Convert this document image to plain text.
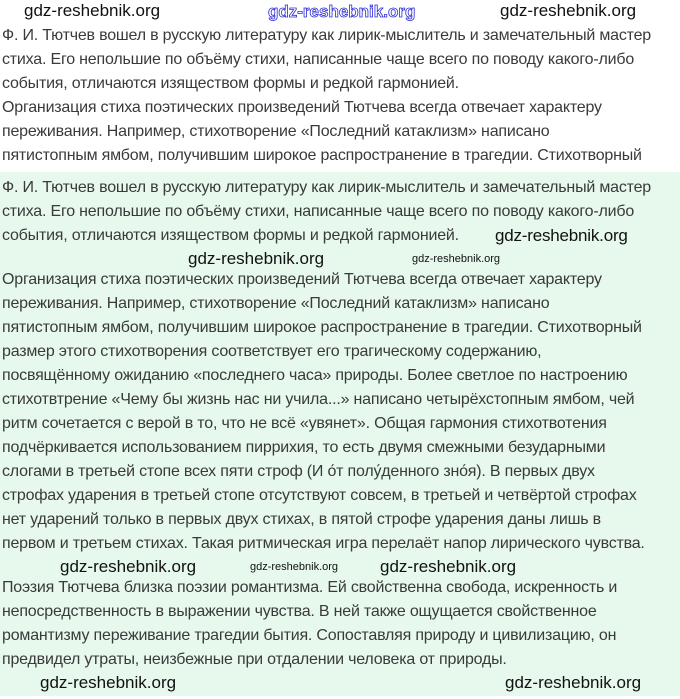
gdz-reshebnik.org	gdz-reshebnik.org	gdz-reshebnik.org
Ф. И. Тютчев вошел в русскую литературу как лирик-мыслитель и замечательный мастер
стиха. Его непольшие по объёму стихи, написанные чаще всего по поводу какого-либо
события, отличаются изяществом формы и редкой гармонией.
Организация стиха поэтических произведений Тютчева всегда отвечает характеру
переживания. Например, стихотворение «Последний катаклизм» написано
пятистопным ямбом, получившим широкое распространение в трагедии. Стихотворный
Ф. И. Тютчев вошел в русскую литературу как лирик-мыслитель и замечательный мастер
стиха. Его непольшие по объёму стихи, написанные чаще всего по поводу какого-либо
события, отличаются изяществом формы и редкой гармонией. gdz-reshebnik.org
gdz-reshebnik.org	gdz-reshebnik.org
Организация стиха поэтических произведений Тютчева всегда отвечает характеру
переживания. Например, стихотворение «Последний катаклизм» написано
пятистопным ямбом, получившим широкое распространение в трагедии. Стихотворный
размер этого стихотворения соответствует его трагическому содержанию,
посвящённому ожиданию «последнего часа» природы. Более светлое по настроению
стихотвтрение «Чему бы жизнь нас ни учила...» написано четырёхстопным ямбом, чей
ритм сочетается с верой в то, что не всё «увянет». Общая гармония стихотвотения
подчёркивается использованием пиррихия, то есть двумя смежными безударными
слогами в третьей стопе всех пяти строф (И о́т полу́денного зно́я). В первых двух
строфах ударения в третьей стопе отсутствуют совсем, в третьей и четвёртой строфах
нет ударений только в первых двух стихах, в пятой строфе ударения даны лишь в
первом и третьем стихах. Такая ритмическая игра перелаёт напор лирического чувства.
gdz-reshebnik.org	gdz-reshebnik.org gdz-reshebnik.org
Поэзия Тютчева близка поэзии романтизма. Ей свойственна свобода, искренность и
непосредственность в выражении чувства. В ней также ощущается свойственное
романтизму переживание трагедии бытия. Сопоставляя природу и цивилизацию, он
предвидел утраты, неизбежные при отдалении человека от природы.
gdz-reshebnik.org	gdz-reshebnik.org
